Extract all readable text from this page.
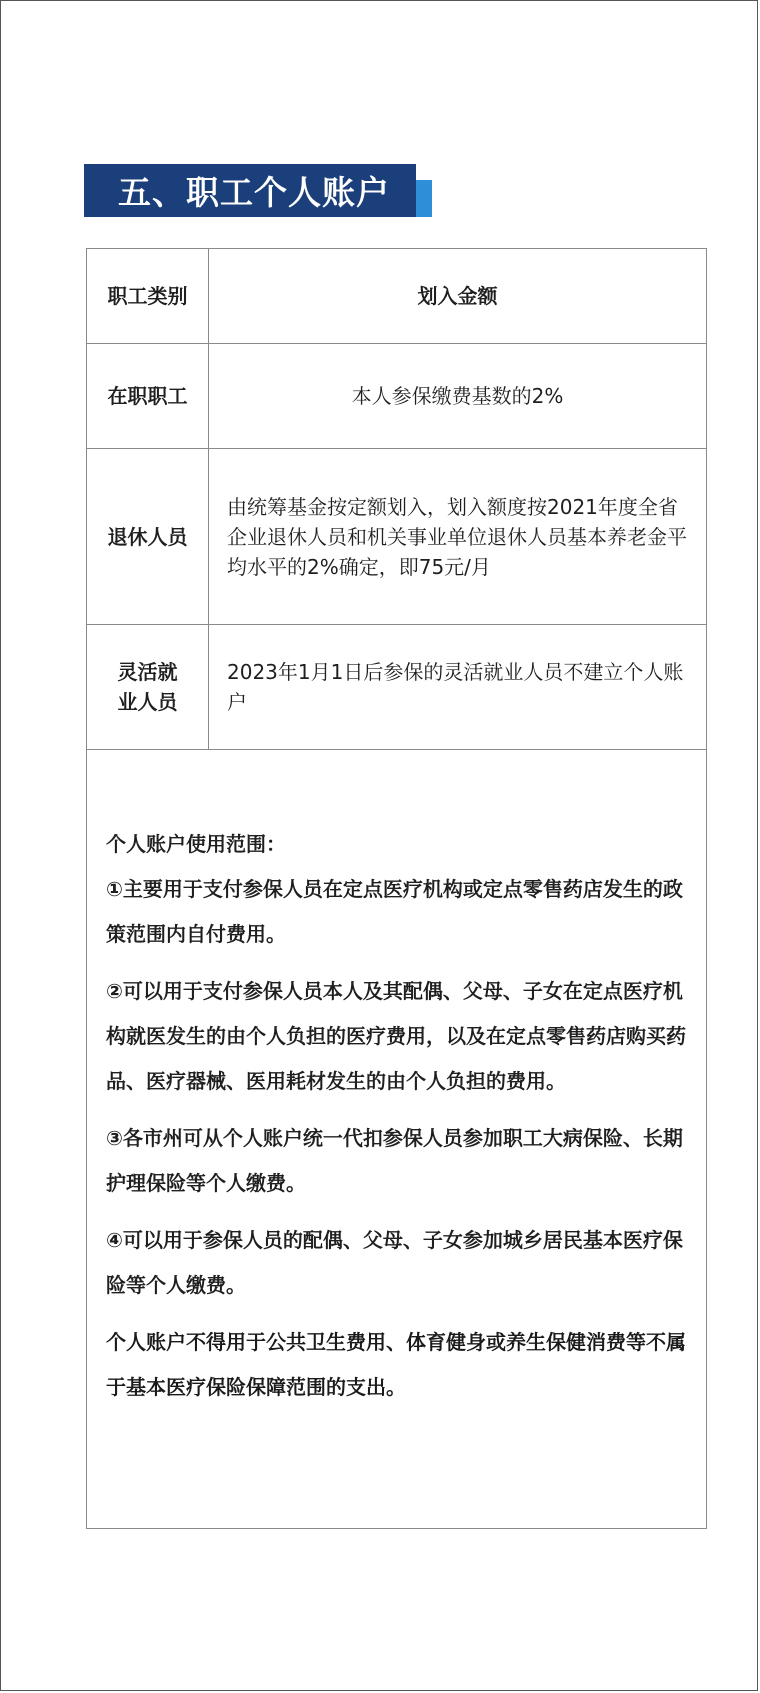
五、职工个人账户
职工类别	划入金额
在职职工	本人参保缴费基数的2%
退休人员	由统筹基金按定额划入，划入额度按2021年度全省企业退休人员和机关事业单位退休人员基本养老金平均水平的2%确定，即75元/月
灵活就业人员	2023年1月1日后参保的灵活就业人员不建立个人账户

个人账户使用范围：

①主要用于支付参保人员在定点医疗机构或定点零售药店发生的政策范围内自付费用。

②可以用于支付参保人员本人及其配偶、父母、子女在定点医疗机构就医发生的由个人负担的医疗费用，以及在定点零售药店购买药品、医疗器械、医用耗材发生的由个人负担的费用。

③各市州可从个人账户统一代扣参保人员参加职工大病保险、长期护理保险等个人缴费。

④可以用于参保人员的配偶、父母、子女参加城乡居民基本医疗保险等个人缴费。

个人账户不得用于公共卫生费用、体育健身或养生保健消费等不属于基本医疗保险保障范围的支出。
